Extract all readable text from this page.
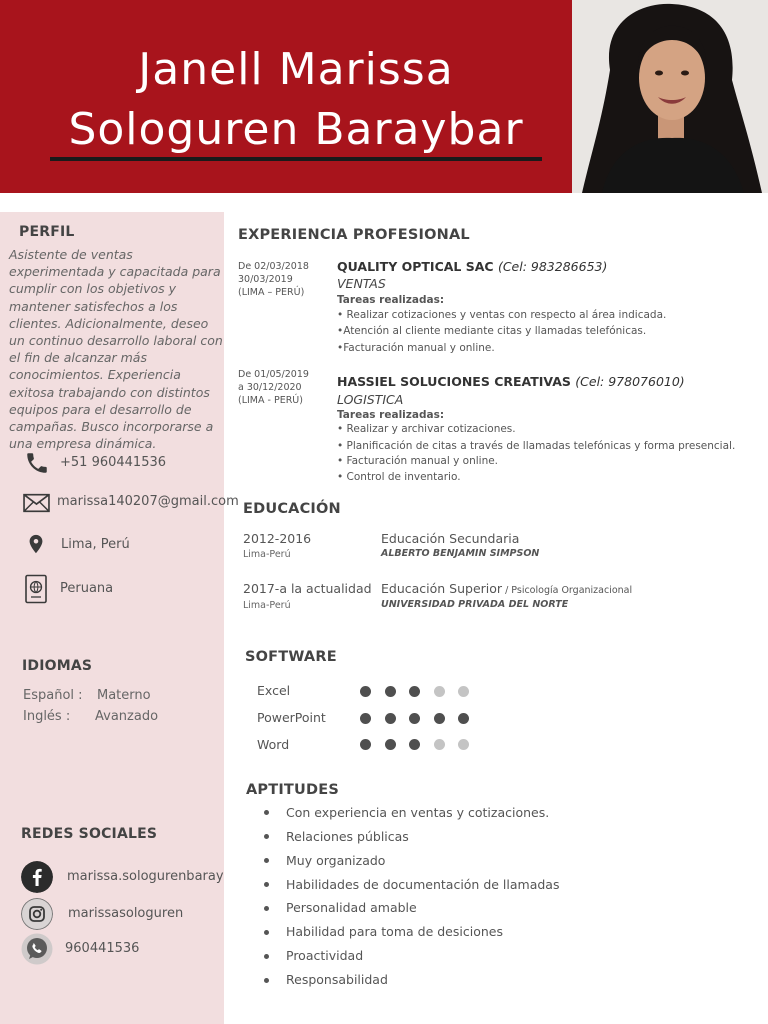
Janell Marissa
Sologuren Baraybar
PERFIL
Asistente de ventas experimentada y capacitada para cumplir con los objetivos y mantener satisfechos a los clientes. Adicionalmente, deseo un continuo desarrollo laboral con el fin de alcanzar más conocimientos. Experiencia exitosa trabajando con distintos equipos para el desarrollo de campañas. Busco incorporarse a una empresa dinámica.
+51 960441536
marissa140207@gmail.com
Lima, Perú
Peruana
IDIOMAS
Español : Materno
Inglés : Avanzado
REDES SOCIALES
marissa.sologurenbaray
marissasologuren
960441536
EXPERIENCIA PROFESIONAL
De 02/03/2018
30/03/2019
(LIMA – PERÚ)
QUALITY OPTICAL SAC (Cel: 983286653)
VENTAS
Tareas realizadas:
• Realizar cotizaciones y ventas con respecto al área indicada.
•Atención al cliente mediante citas y llamadas telefónicas.
•Facturación manual y online.
De 01/05/2019
a 30/12/2020
(LIMA - PERÚ)
HASSIEL SOLUCIONES CREATIVAS (Cel: 978076010)
LOGISTICA
Tareas realizadas:
• Realizar y archivar cotizaciones.
• Planificación de citas a través de llamadas telefónicas y forma presencial.
• Facturación manual y online.
• Control de inventario.
EDUCACIÓN
2012-2016
Lima-Perú
Educación Secundaria
ALBERTO BENJAMIN SIMPSON
2017-a la actualidad
Lima-Perú
Educación Superior / Psicología Organizacional
UNIVERSIDAD PRIVADA DEL NORTE
SOFTWARE
Excel
PowerPoint
Word
APTITUDES
Con experiencia en ventas y cotizaciones.
Relaciones públicas
Muy organizado
Habilidades de documentación de llamadas
Personalidad amable
Habilidad para toma de desiciones
Proactividad
Responsabilidad
